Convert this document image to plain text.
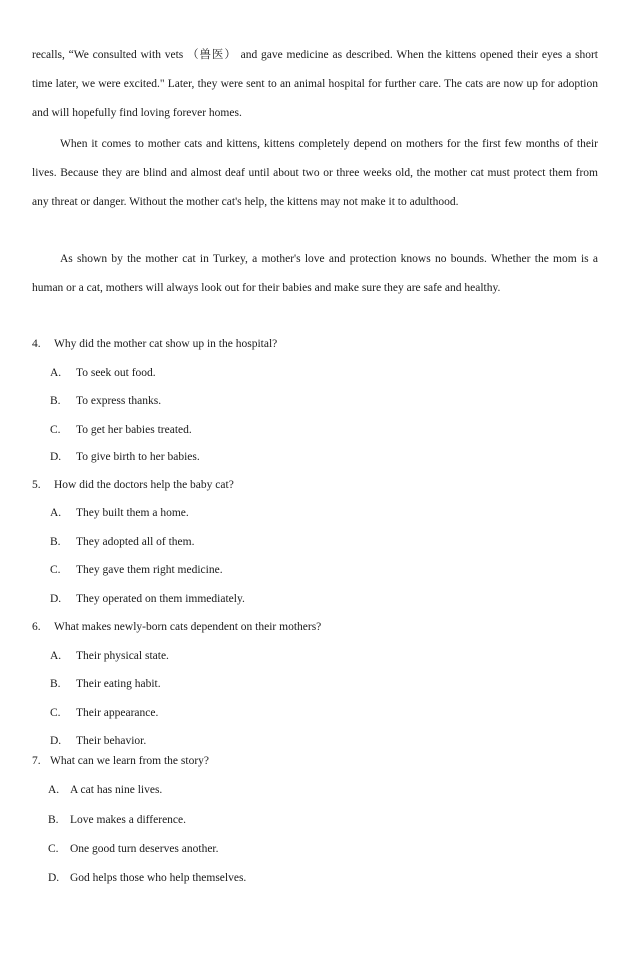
recalls, “We consulted with vets （兽医） and gave medicine as described. When the kittens opened their eyes a short time later, we were excited." Later, they were sent to an animal hospital for further care. The cats are now up for adoption and will hopefully find loving forever homes.
When it comes to mother cats and kittens, kittens completely depend on mothers for the first few months of their lives. Because they are blind and almost deaf until about two or three weeks old, the mother cat must protect them from any threat or danger. Without the mother cat's help, the kittens may not make it to adulthood.
As shown by the mother cat in Turkey, a mother's love and protection knows no bounds. Whether the mom is a human or a cat, mothers will always look out for their babies and make sure they are safe and healthy.
4. Why did the mother cat show up in the hospital?
A. To seek out food.
B. To express thanks.
C. To get her babies treated.
D. To give birth to her babies.
5. How did the doctors help the baby cat?
A. They built them a home.
B. They adopted all of them.
C. They gave them right medicine.
D. They operated on them immediately.
6. What makes newly-born cats dependent on their mothers?
A. Their physical state.
B. Their eating habit.
C. Their appearance.
D. Their behavior.
7. What can we learn from the story?
A. A cat has nine lives.
B. Love makes a difference.
C. One good turn deserves another.
D. God helps those who help themselves.
